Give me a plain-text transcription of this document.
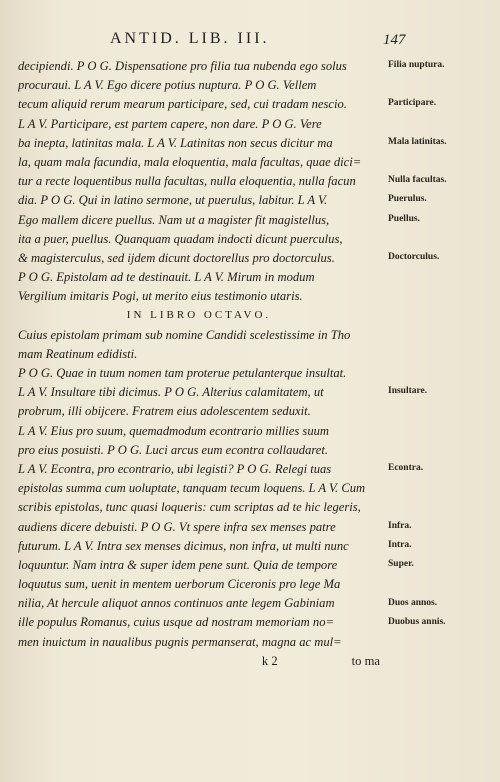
ANTID. LIB. III.	147
decipiendi. P O G. Dispensatione pro filia tua nubenda ego solus
procuraui. L A V. Ego dicere potius nuptura. P O G. Vellem
tecum aliquid rerum mearum participare, sed, cui tradam nescio.
L A V. Participare, est partem capere, non dare. P O G. Vere
ba inepta, latinitas mala. L A V. Latinitas non secus dicitur ma
la, quam mala facundia, mala eloquentia, mala facultas, quae dici=
tur a recte loquentibus nulla facultas, nulla eloquentia, nulla facun
dia. P O G. Qui in latino sermone, ut puerulus, labitur. L A V.
Ego mallem dicere puellus. Nam ut a magister fit magistellus,
ita a puer, puellus. Quanquam quadam indocti dicunt puerculus,
& magisterculus, sed ijdem dicunt doctorellus pro doctorculus.
P O G. Epistolam ad te destinauit. L A V. Mirum in modum
Vergilium imitaris Pogi, ut merito eius testimonio utaris.
IN LIBRO OCTAVO.
Cuius epistolam primam sub nomine Candidi scelestissime in Tho
mam Reatinum edidisti.
P O G. Quae in tuum nomen tam proterue petulanterque insultat.
L A V. Insultare tibi dicimus. P O G. Alterius calamitatem, ut
probrum, illi obijcere. Fratrem eius adolescentem seduxit.
L A V. Eius pro suum, quemadmodum econtrario millies suum
pro eius posuisti. P O G. Luci arcus eum econtra collaudaret.
L A V. Econtra, pro econtrario, ubi legisti? P O G. Relegi tuas
epistolas summa cum uoluptate, tanquam tecum loquens. L A V. Cum
scribis epistolas, tunc quasi loqueris: cum scriptas ad te hic legeris,
audiens dicere debuisti. P O G. Vt spere infra sex menses patre
futurum. L A V. Intra sex menses dicimus, non infra, ut multi nunc
loquuntur. Nam intra & super idem pene sunt. Quia de tempore
loquutus sum, uenit in mentem uerborum Ciceronis pro lege Ma
nilia, At hercule aliquot annos continuos ante legem Gabiniam
ille populus Romanus, cuius usque ad nostram memoriam no=
men inuictum in naualibus pugnis permanserat, magna ac mul=
k 2	to ma
Filia nuptura.
Participare.
Mala latinitas.
Nulla facultas.
Puerulus.
Puellus.
Doctorculus.
Insultare.
Econtra.
Infra.
Intra.
Super.
Duos annos.
Duobus annis.
